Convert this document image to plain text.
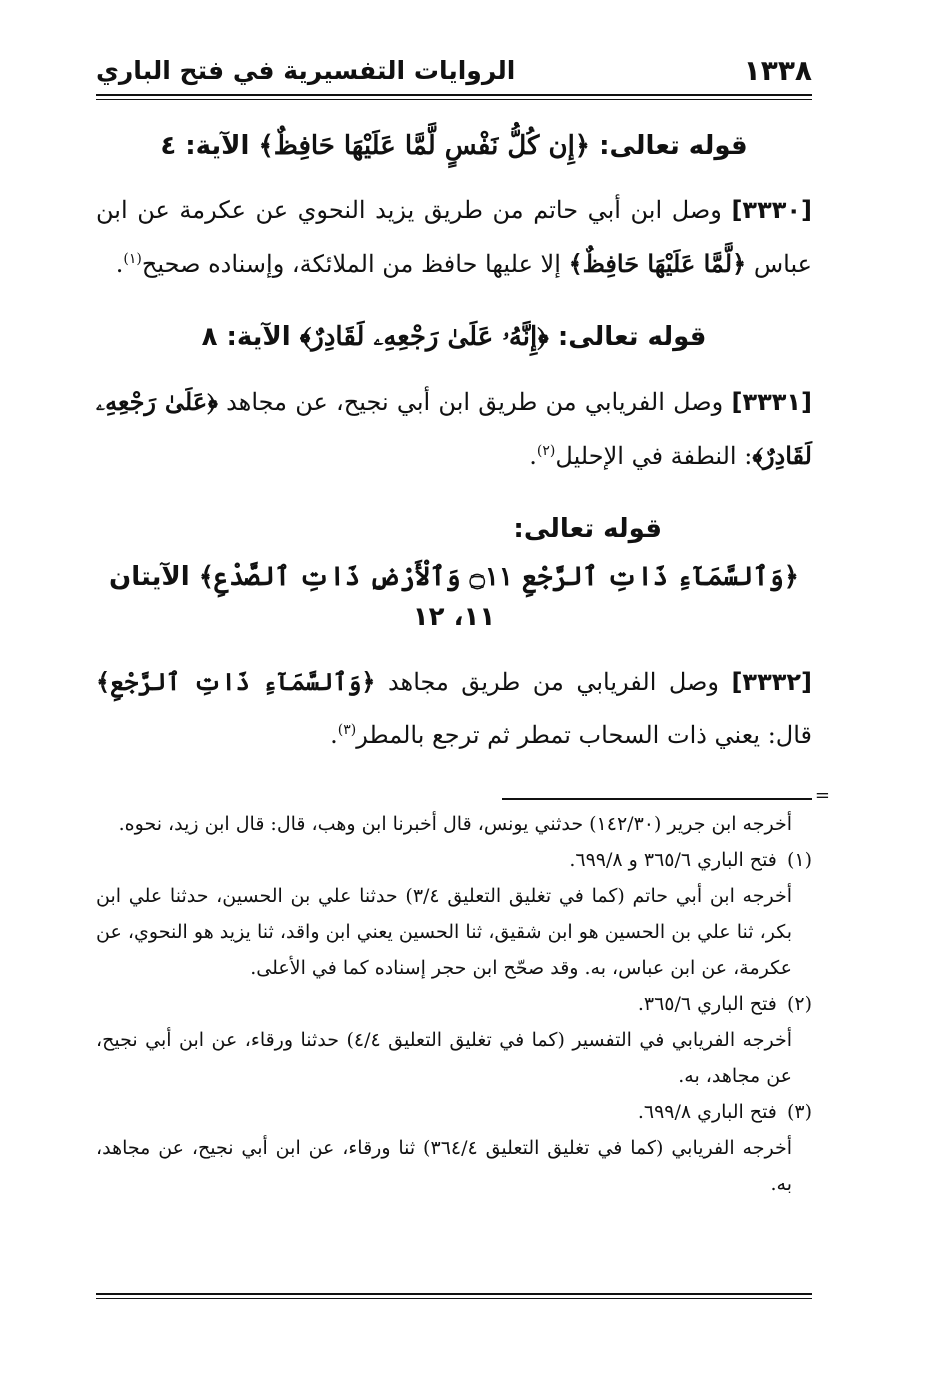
١٣٣٨
الروايات التفسيرية في فتح الباري
قوله تعالى: ﴿إِن كُلُّ نَفْسٍ لَّمَّا عَلَيْهَا حَافِظٌ﴾ الآية: ٤

[٣٣٣٠] وصل ابن أبي حاتم من طريق يزيد النحوي عن عكرمة عن ابن عباس ﴿لَّمَّا عَلَيْهَا حَافِظٌ﴾ إلا عليها حافظ من الملائكة، وإسناده صحيح$^{(١)}$.

قوله تعالى: ﴿إِنَّهُۥ عَلَىٰ رَجْعِهِۦ لَقَادِرٌ﴾ الآية: ٨

[٣٣٣١] وصل الفريابي من طريق ابن أبي نجيح، عن مجاهد ﴿عَلَىٰ رَجْعِهِۦ لَقَادِرٌ﴾: النطفة في الإحليل$^{(٢)}$.

قوله تعالى:
﴿وَٱلسَّمَآءِ ذَاتِ ٱلرَّجْعِ ۝١١ وَٱلْأَرْضِ ذَاتِ ٱلصَّدْعِ﴾ الآيتان ١١، ١٢

[٣٣٣٢] وصل الفريابي من طريق مجاهد ﴿وَٱلسَّمَآءِ ذَاتِ ٱلرَّجْعِ﴾ قال: يعني ذات السحاب تمطر ثم ترجع بالمطر$^{(٣)}$.

=
أخرجه ابن جرير (١٤٢/٣٠) حدثني يونس، قال أخبرنا ابن وهب، قال: قال ابن زيد، نحوه.
(١) فتح الباري ٣٦٥/٦ و ٦٩٩/٨.
أخرجه ابن أبي حاتم (كما في تغليق التعليق ٣/٤) حدثنا علي بن الحسين، حدثنا علي ابن بكر، ثنا علي بن الحسين هو ابن شقيق، ثنا الحسين يعني ابن واقد، ثنا يزيد هو النحوي، عن عكرمة، عن ابن عباس، به. وقد صحّح ابن حجر إسناده كما في الأعلى.
(٢) فتح الباري ٣٦٥/٦.
أخرجه الفريابي في التفسير (كما في تغليق التعليق ٤/٤) حدثنا ورقاء، عن ابن أبي نجيح، عن مجاهد، به.
(٣) فتح الباري ٦٩٩/٨.
أخرجه الفريابي (كما في تغليق التعليق ٣٦٤/٤) ثنا ورقاء، عن ابن أبي نجيح، عن مجاهد، به.
